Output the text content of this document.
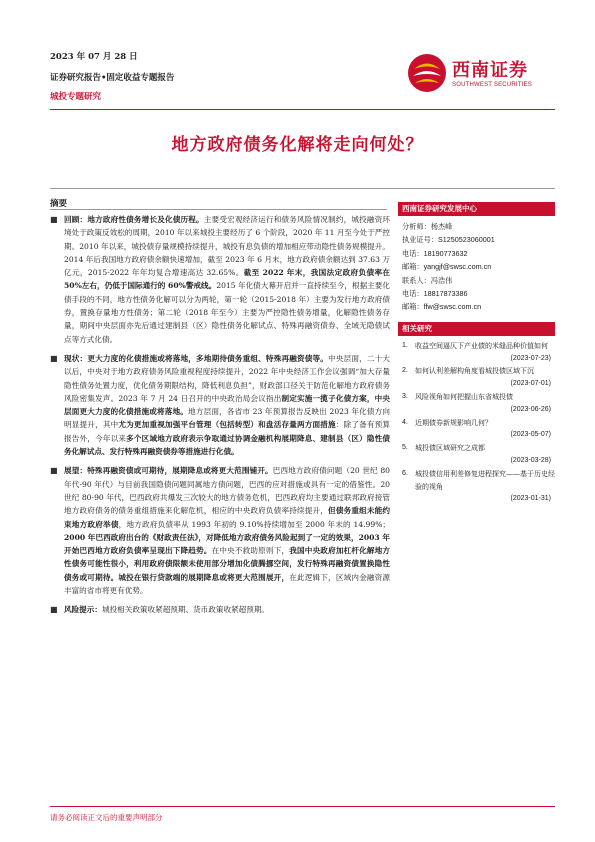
2023 年 07 月 28 日
证券研究报告•固定收益专题报告
城投专题研究
西南证券
SOUTHWEST SECURITIES
地方政府债务化解将走向何处？
摘要
■ 回顾：地方政府性债务增长及化债历程。主要受宏观经济运行和债务风险情况制约，城投融资环境处于政策反效松的周期，2010 年以来城投主要经历了 6 个阶段，2020 年 11 月至今处于严控期。2010 年以来，城投债存量规模持续提升，城投有息负债的增加相应带动隐性债务规模提升。2014 年后我国地方政府债余额快速增加，截至 2023 年 6 月末，地方政府债余额达到 37.63 万亿元，2015-2022 年年均复合增速高达 32.65%。截至 2022 年末，我国法定政府负债率在 50%左右，仍低于国际通行的 60%警戒线。2015 年化债大幕开启并一直持续至今，根据主要化债手段的不同，地方性债务化解可以分为两轮，第一轮（2015-2018 年）主要为发行地方政府债券，置换存量地方性债务；第二轮（2018 年至今）主要为严控隐性债务增量，化解隐性债务存量，期间中央层面亦先后通过建制县（区）隐性债务化解试点、特殊再融资债券、全域无隐债试点等方式化债。
■ 现状：更大力度的化债措施或将落地，多地期待债务重组、特殊再融资债等。中央层面，二十大以后，中央对于地方政府债务风险重视程度持续提升，2022 年中央经济工作会议强调“加大存量隐性债务处置力度，优化债务期限结构，降低利息负担”，财政部口径关于防范化解地方政府债务风险密集发声。2023 年 7 月 24 日召开的中央政治局会议指出制定实施一揽子化债方案，中央层面更大力度的化债措施或将落地。地方层面，各省市 23 年预算报告反映出 2023 年化债方向明显提升，其中尤为更加重视加强平台管理（包括转型）和盘活存量两方面措施：除了备有预算报告外，今年以来多个区域地方政府表示争取通过协调金融机构展期降息、建制县（区）隐性债务化解试点、发行特殊再融资债券等措施进行化债。
■ 展望：特殊再融资债或可期待，展期降息或将更大范围铺开。巴西地方政府债问题（20 世纪 80 年代-90 年代）与目前我国隐债问题同属地方债问题，巴西的应对措施或具有一定的借鉴性。20 世纪 80-90 年代，巴西政府共爆发三次较大的地方债务危机，巴西政府均主要通过联邦政府接管地方政府债务的债务重组措施来化解危机，相应的中央政府负债率持续提升，但债务重组未能约束地方政府举债，地方政府负债率从 1993 年初的 9.10%持续增加至 2000 年末的 14.99%；2000 年巴西政府出台的《财政责任法》，对降低地方政府债务风险起到了一定的效果，2003 年开始巴西地方政府负债率呈现出下降趋势。在中央不救助原则下，我国中央政府加杠杆化解地方性债务可能性很小，利用政府债限额未使用部分增加化债腾挪空间，发行特殊再融资债置换隐性债务或可期待。城投在银行贷款端的展期降息或将更大范围展开，在此逻辑下，区域内金融资源丰富的省市将更有优势。
■ 风险提示：城投相关政策收紧超预期、货币政策收紧超预期。
西南证券研究发展中心
分析师：杨杰峰
执业证号：S1250523060001
电话：18190773632
邮箱：yangjf@swsc.com.cn
联系人：冯浩伟
电话：18817873386
邮箱：ffw@swsc.com.cn
相关研究
1. 收益空间逼仄下产业债的米缝品种价值如何
(2023-07-23)
2. 如何认利差解构角度看城投债区域下沉
(2023-07-01)
3. 风险视角如何把握山东省城投债
(2023-06-26)
4. 近期债券新规影响几何？
(2023-05-07)
5. 城投债区域研究之成都
(2023-03-28)
6. 城投债信用利差修复进程探究——基于历史经验的视角
(2023-01-31)
请务必阅读正文后的重要声明部分
